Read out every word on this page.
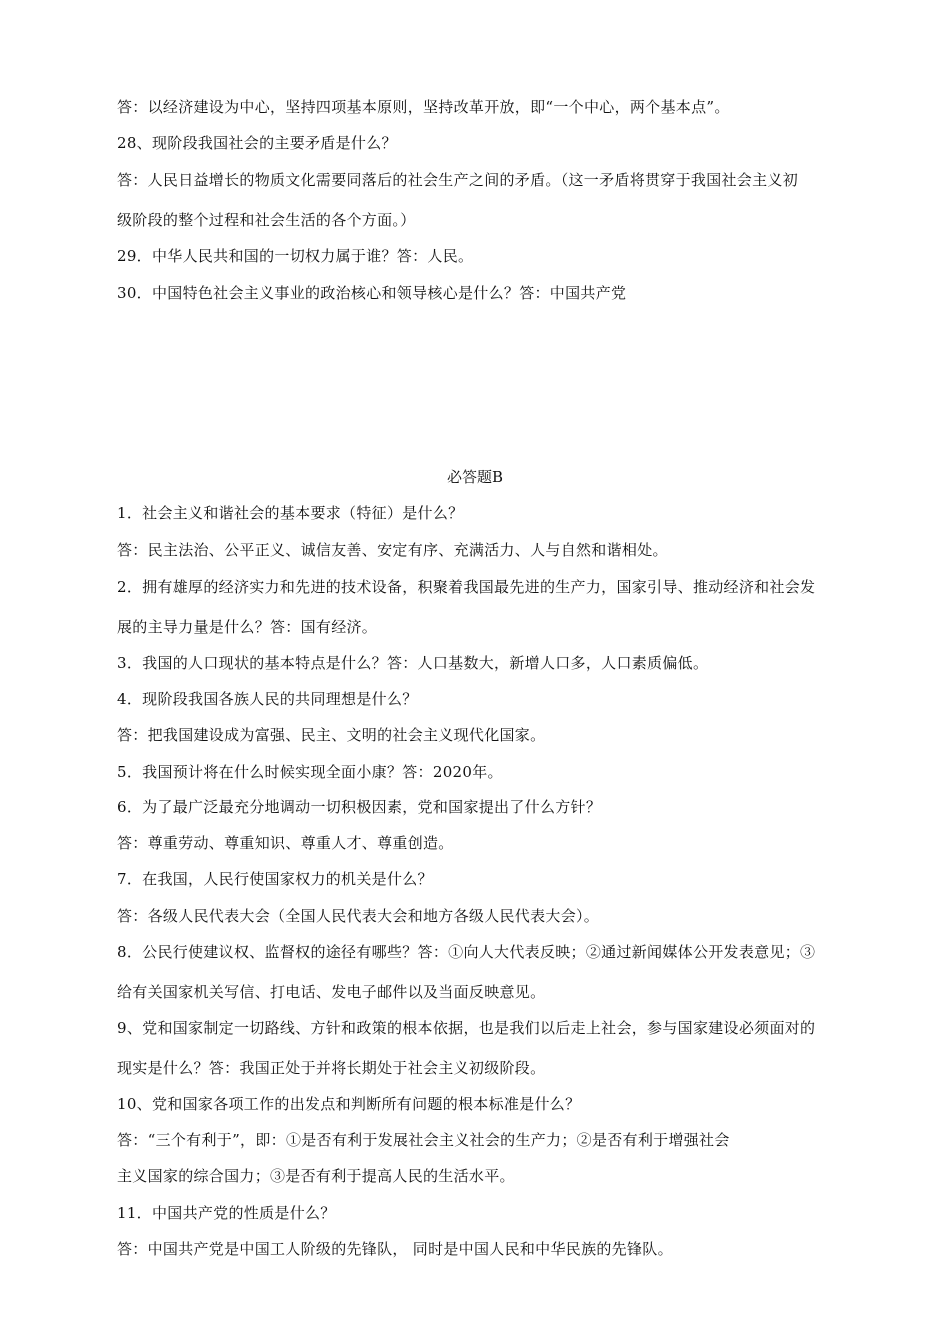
答：以经济建设为中心，坚持四项基本原则，坚持改革开放，即“一个中心，两个基本点”。
28、现阶段我国社会的主要矛盾是什么？
答：人民日益增长的物质文化需要同落后的社会生产之间的矛盾。（这一矛盾将贯穿于我国社会主义初
级阶段的整个过程和社会生活的各个方面。）
29．中华人民共和国的一切权力属于谁？答：人民。
30．中国特色社会主义事业的政治核心和领导核心是什么？答：中国共产党
必答题B
1．社会主义和谐社会的基本要求（特征）是什么？
答：民主法治、公平正义、诚信友善、安定有序、充满活力、人与自然和谐相处。
2．拥有雄厚的经济实力和先进的技术设备，积聚着我国最先进的生产力，国家引导、推动经济和社会发
展的主导力量是什么？答：国有经济。
3．我国的人口现状的基本特点是什么？答：人口基数大，新增人口多，人口素质偏低。
4．现阶段我国各族人民的共同理想是什么？
答：把我国建设成为富强、民主、文明的社会主义现代化国家。
5．我国预计将在什么时候实现全面小康？答：2020年。
6．为了最广泛最充分地调动一切积极因素，党和国家提出了什么方针？
答：尊重劳动、尊重知识、尊重人才、尊重创造。
7．在我国，人民行使国家权力的机关是什么？
答：各级人民代表大会（全国人民代表大会和地方各级人民代表大会）。
8．公民行使建议权、监督权的途径有哪些？答：①向人大代表反映；②通过新闻媒体公开发表意见；③
给有关国家机关写信、打电话、发电子邮件以及当面反映意见。
9、党和国家制定一切路线、方针和政策的根本依据，也是我们以后走上社会，参与国家建设必须面对的
现实是什么？答：我国正处于并将长期处于社会主义初级阶段。
10、党和国家各项工作的出发点和判断所有问题的根本标准是什么？
答：“三个有利于”，即：①是否有利于发展社会主义社会的生产力；②是否有利于增强社会
主义国家的综合国力；③是否有利于提高人民的生活水平。
11．中国共产党的性质是什么？
答：中国共产党是中国工人阶级的先锋队， 同时是中国人民和中华民族的先锋队。
